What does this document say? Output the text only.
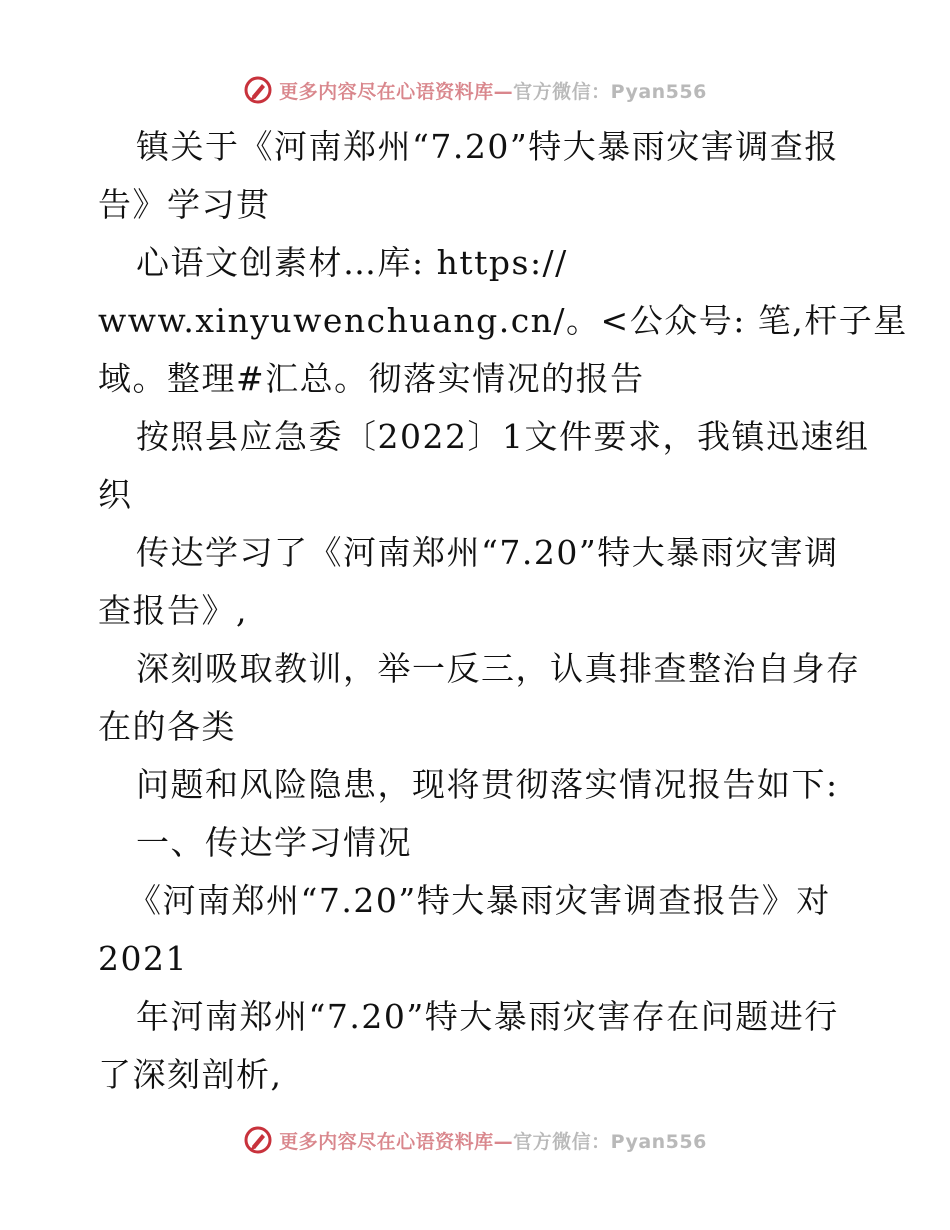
更多内容尽在心语资料库—官方微信：Pyan556
镇关于《河南郑州“7.20”特大暴雨灾害调查报
告》学习贯
心语文创素材…库: https://
www.xinyuwenchuang.cn/。<公众号: 笔,杆子星
域。整理#汇总。彻落实情况的报告
按照县应急委〔2022〕1文件要求，我镇迅速组
织
传达学习了《河南郑州“7.20”特大暴雨灾害调
查报告》,
深刻吸取教训，举一反三，认真排查整治自身存
在的各类
问题和风险隐患，现将贯彻落实情况报告如下:
一、传达学习情况
《河南郑州“7.20”特大暴雨灾害调查报告》对
2021
年河南郑州“7.20”特大暴雨灾害存在问题进行
了深刻剖析,
更多内容尽在心语资料库—官方微信：Pyan556
